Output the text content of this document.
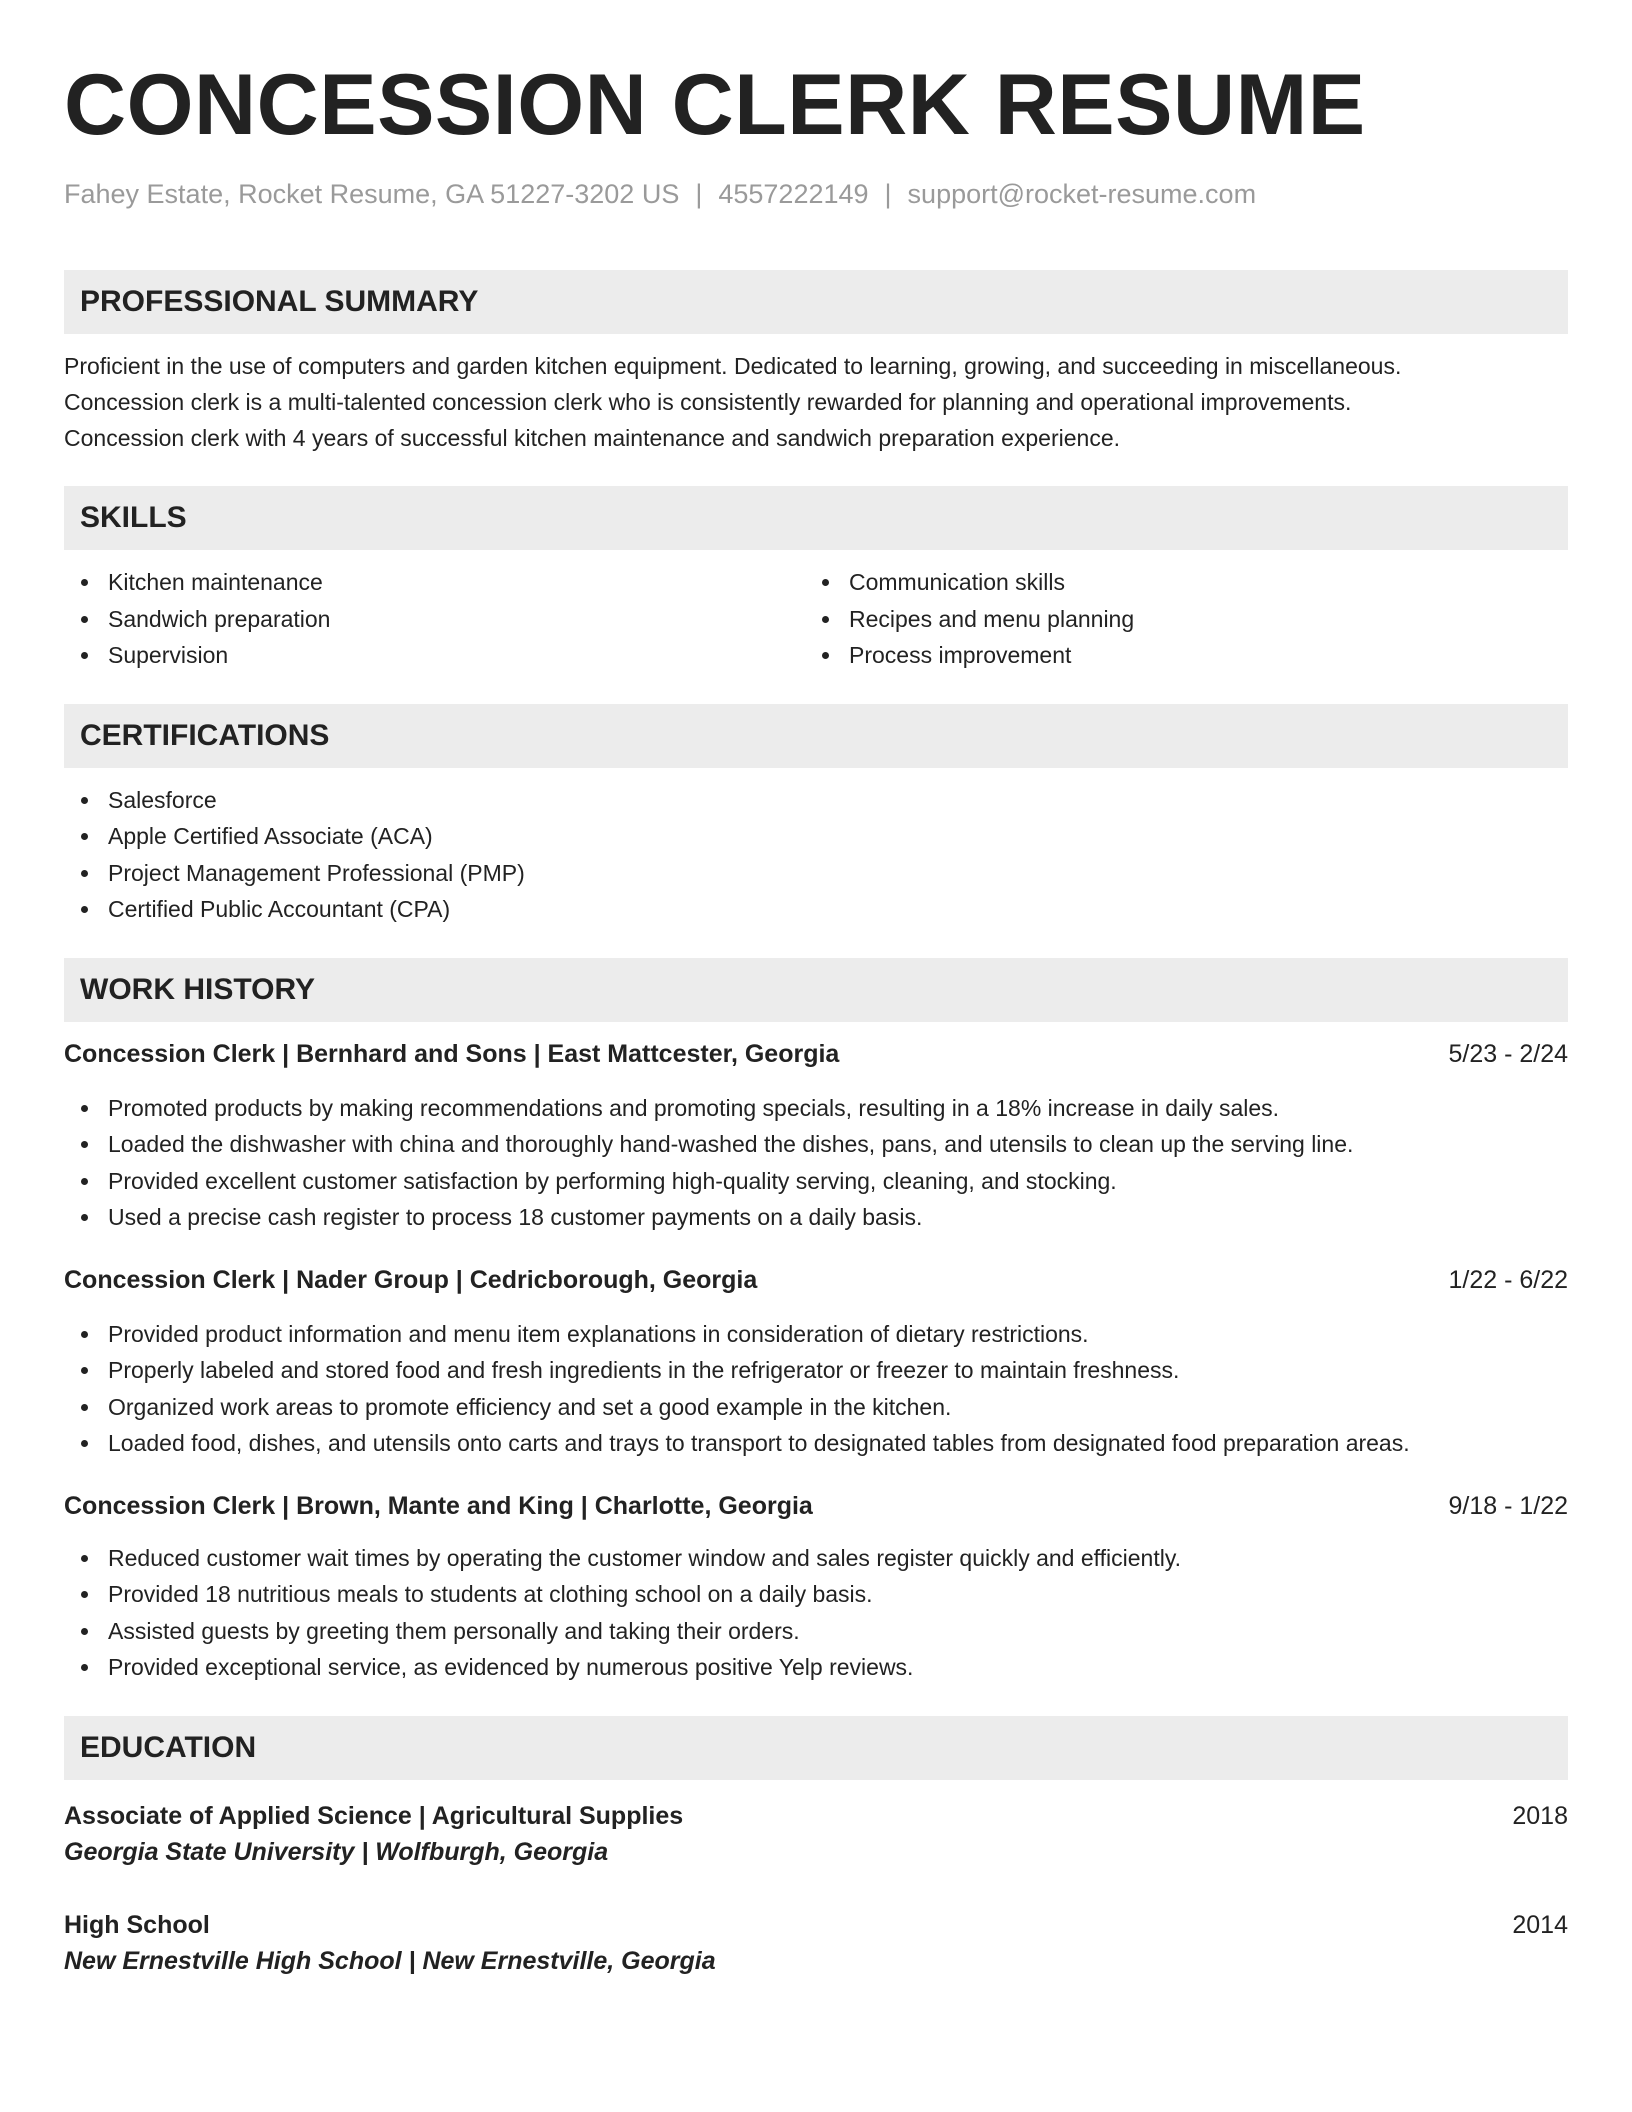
CONCESSION CLERK RESUME
Fahey Estate, Rocket Resume, GA 51227-3202 US | 4557222149 | support@rocket-resume.com
PROFESSIONAL SUMMARY

Proficient in the use of computers and garden kitchen equipment. Dedicated to learning, growing, and succeeding in miscellaneous.

Concession clerk is a multi-talented concession clerk who is consistently rewarded for planning and operational improvements.

Concession clerk with 4 years of successful kitchen maintenance and sandwich preparation experience.

SKILLS
Kitchen maintenance
Sandwich preparation
Supervision
Communication skills
Recipes and menu planning
Process improvement
CERTIFICATIONS
Salesforce
Apple Certified Associate (ACA)
Project Management Professional (PMP)
Certified Public Accountant (CPA)
WORK HISTORY
Concession Clerk | Bernhard and Sons | East Mattcester, Georgia	5/23 - 2/24
Promoted products by making recommendations and promoting specials, resulting in a 18% increase in daily sales.
Loaded the dishwasher with china and thoroughly hand-washed the dishes, pans, and utensils to clean up the serving line.
Provided excellent customer satisfaction by performing high-quality serving, cleaning, and stocking.
Used a precise cash register to process 18 customer payments on a daily basis.
Concession Clerk | Nader Group | Cedricborough, Georgia	1/22 - 6/22
Provided product information and menu item explanations in consideration of dietary restrictions.
Properly labeled and stored food and fresh ingredients in the refrigerator or freezer to maintain freshness.
Organized work areas to promote efficiency and set a good example in the kitchen.
Loaded food, dishes, and utensils onto carts and trays to transport to designated tables from designated food preparation areas.
Concession Clerk | Brown, Mante and King | Charlotte, Georgia	9/18 - 1/22
Reduced customer wait times by operating the customer window and sales register quickly and efficiently.
Provided 18 nutritious meals to students at clothing school on a daily basis.
Assisted guests by greeting them personally and taking their orders.
Provided exceptional service, as evidenced by numerous positive Yelp reviews.
EDUCATION
Associate of Applied Science | Agricultural Supplies	2018
Georgia State University | Wolfburgh, Georgia
High School	2014
New Ernestville High School | New Ernestville, Georgia
